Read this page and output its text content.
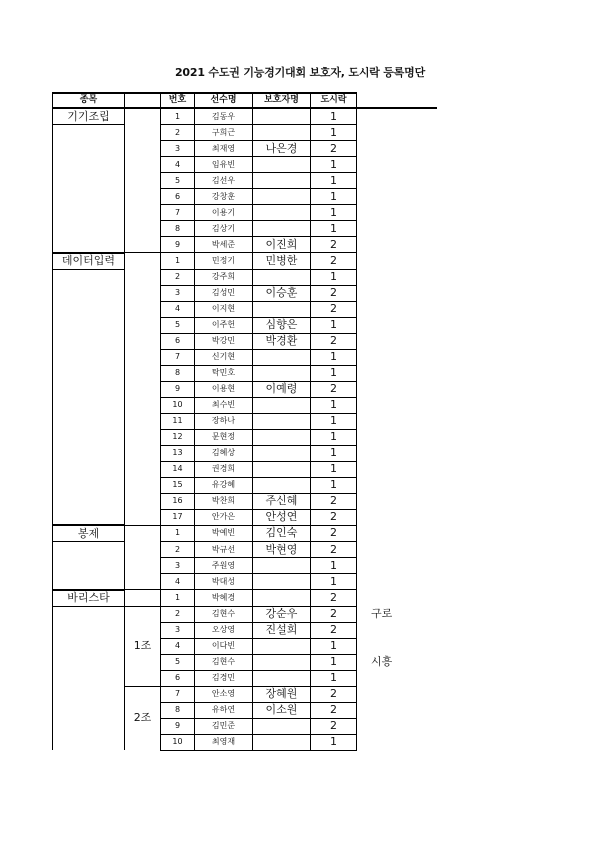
2021 수도권 기능경기대회 보호자, 도시락 등록명단
종목		번호	선수명	보호자명	도시락	
기기조립		1	김동우		1	
		2	구희근		1	
		3	최재영	나은경	2	
		4	임유빈		1	
		5	김선우		1	
		6	강창훈		1	
		7	이용기		1	
		8	김상기		1	
		9	박세준	이진희	2	
데이터입력		1	민정기	민병한	2	
		2	강주희		1	
		3	김성민	이승훈	2	
		4	이지현		2	
		5	이주헌	심향은	1	
		6	박강민	박경환	2	
		7	신기현		1	
		8	탁민호		1	
		9	이용현	이예령	2	
		10	최수빈		1	
		11	장하나		1	
		12	문현정		1	
		13	김혜상		1	
		14	권경희		1	
		15	유강혜		1	
		16	박찬희	주신혜	2	
		17	안가은	안성연	2	
봉제		1	박예빈	김인숙	2	
		2	박규선	박현영	2	
		3	주원영		1	
		4	박대성		1	
바리스타		1	박혜경		2	
	1조	2	김현수	강순우	2	구로
		3	오상영	진설희	2	
		4	이다빈		1	
		5	김현수		1	시흥
		6	김경민		1	
	2조	7	안소영	장혜원	2	
		8	유하연	이소원	2	
		9	김민준		2	
		10	최영재		1	
